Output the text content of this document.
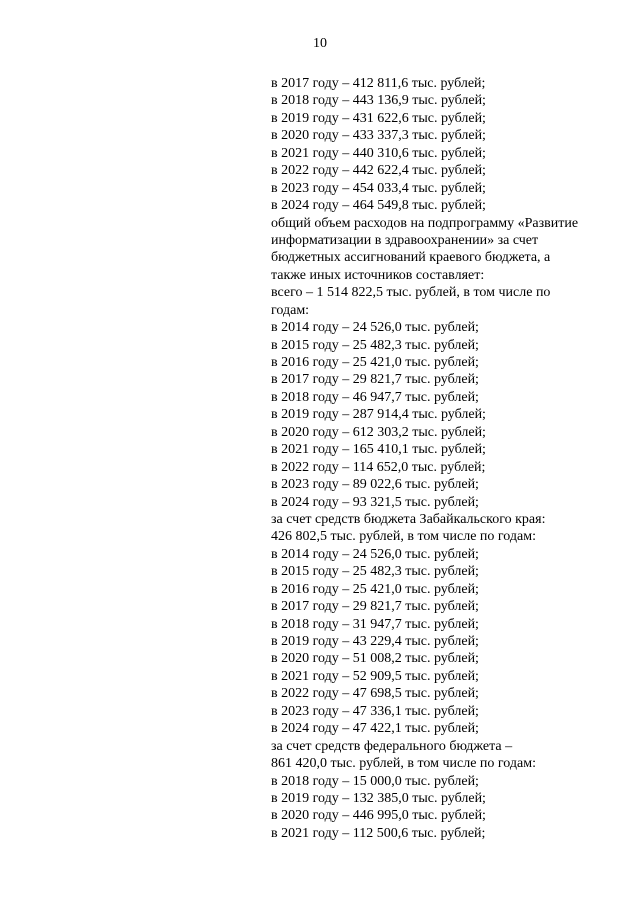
10
в 2017 году – 412 811,6 тыс. рублей;
в 2018 году – 443 136,9 тыс. рублей;
в 2019 году – 431 622,6 тыс. рублей;
в 2020 году – 433 337,3 тыс. рублей;
в 2021 году – 440 310,6 тыс. рублей;
в 2022 году – 442 622,4 тыс. рублей;
в 2023 году – 454 033,4 тыс. рублей;
в 2024 году – 464 549,8 тыс. рублей;
общий объем расходов на подпрограмму «Развитие
информатизации в здравоохранении» за счет
бюджетных ассигнований краевого бюджета, а
также иных источников составляет:
всего – 1 514 822,5 тыс. рублей, в том числе по
годам:
в 2014 году – 24 526,0 тыс. рублей;
в 2015 году – 25 482,3 тыс. рублей;
в 2016 году – 25 421,0 тыс. рублей;
в 2017 году – 29 821,7 тыс. рублей;
в 2018 году – 46 947,7 тыс. рублей;
в 2019 году – 287 914,4 тыс. рублей;
в 2020 году – 612 303,2 тыс. рублей;
в 2021 году – 165 410,1 тыс. рублей;
в 2022 году – 114 652,0 тыс. рублей;
в 2023 году – 89 022,6 тыс. рублей;
в 2024 году – 93 321,5 тыс. рублей;
за счет средств бюджета Забайкальского края:
426 802,5 тыс. рублей, в том числе по годам:
в 2014 году – 24 526,0 тыс. рублей;
в 2015 году – 25 482,3 тыс. рублей;
в 2016 году – 25 421,0 тыс. рублей;
в 2017 году – 29 821,7 тыс. рублей;
в 2018 году – 31 947,7 тыс. рублей;
в 2019 году – 43 229,4 тыс. рублей;
в 2020 году – 51 008,2 тыс. рублей;
в 2021 году – 52 909,5 тыс. рублей;
в 2022 году – 47 698,5 тыс. рублей;
в 2023 году – 47 336,1 тыс. рублей;
в 2024 году – 47 422,1 тыс. рублей;
за счет средств федерального бюджета –
861 420,0 тыс. рублей, в том числе по годам:
в 2018 году – 15 000,0 тыс. рублей;
в 2019 году – 132 385,0 тыс. рублей;
в 2020 году – 446 995,0 тыс. рублей;
в 2021 году – 112 500,6 тыс. рублей;
